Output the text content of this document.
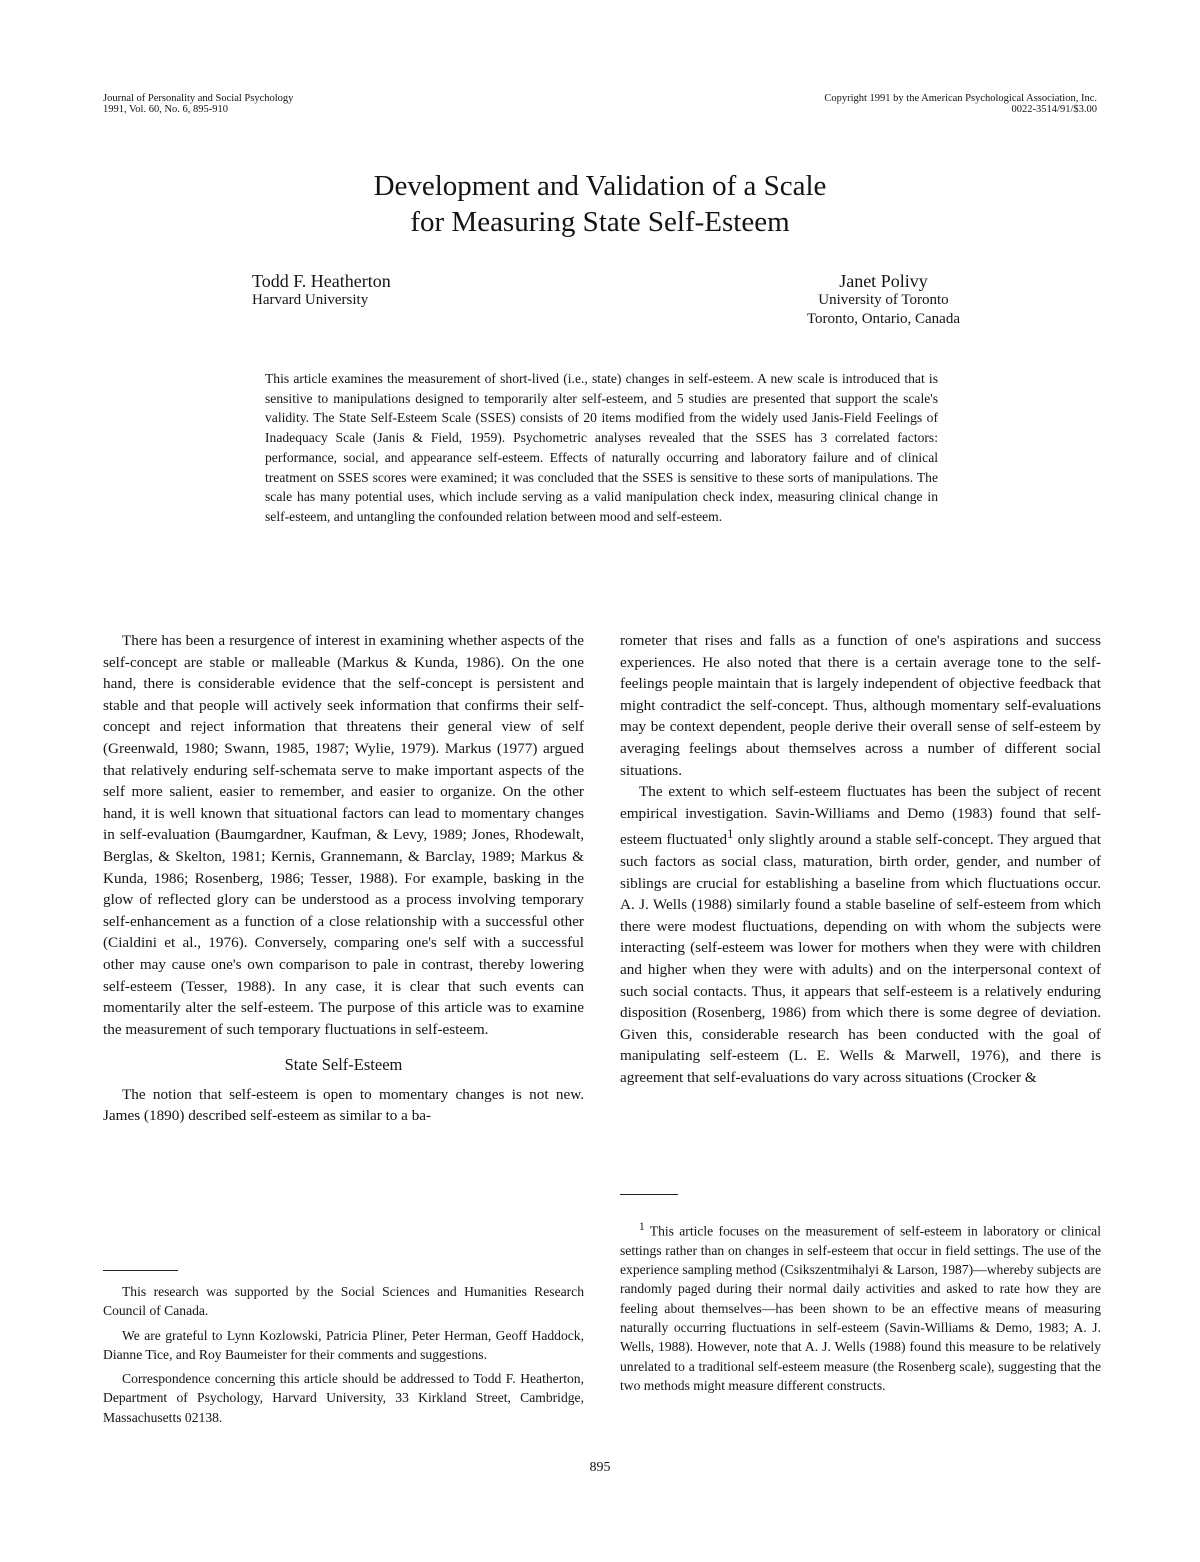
Journal of Personality and Social Psychology
1991, Vol. 60, No. 6, 895-910
Copyright 1991 by the American Psychological Association, Inc.
0022-3514/91/$3.00
Development and Validation of a Scale
for Measuring State Self-Esteem
Todd F. Heatherton
Harvard University
Janet Polivy
University of Toronto
Toronto, Ontario, Canada
This article examines the measurement of short-lived (i.e., state) changes in self-esteem. A new scale is introduced that is sensitive to manipulations designed to temporarily alter self-esteem, and 5 studies are presented that support the scale's validity. The State Self-Esteem Scale (SSES) consists of 20 items modified from the widely used Janis-Field Feelings of Inadequacy Scale (Janis & Field, 1959). Psychometric analyses revealed that the SSES has 3 correlated factors: performance, social, and appearance self-esteem. Effects of naturally occurring and laboratory failure and of clinical treatment on SSES scores were examined; it was concluded that the SSES is sensitive to these sorts of manipulations. The scale has many potential uses, which include serving as a valid manipulation check index, measuring clinical change in self-esteem, and untangling the confounded relation between mood and self-esteem.

There has been a resurgence of interest in examining whether aspects of the self-concept are stable or malleable (Markus & Kunda, 1986). On the one hand, there is considerable evidence that the self-concept is persistent and stable and that people will actively seek information that confirms their self-concept and reject information that threatens their general view of self (Greenwald, 1980; Swann, 1985, 1987; Wylie, 1979). Markus (1977) argued that relatively enduring self-schemata serve to make important aspects of the self more salient, easier to remember, and easier to organize. On the other hand, it is well known that situational factors can lead to momentary changes in self-evaluation (Baumgardner, Kaufman, & Levy, 1989; Jones, Rhodewalt, Berglas, & Skelton, 1981; Kernis, Grannemann, & Barclay, 1989; Markus & Kunda, 1986; Rosenberg, 1986; Tesser, 1988). For example, basking in the glow of reflected glory can be understood as a process involving temporary self-enhancement as a function of a close relationship with a successful other (Cialdini et al., 1976). Conversely, comparing one's self with a successful other may cause one's own comparison to pale in contrast, thereby lowering self-esteem (Tesser, 1988). In any case, it is clear that such events can momentarily alter the self-esteem. The purpose of this article was to examine the measurement of such temporary fluctuations in self-esteem.

State Self-Esteem

The notion that self-esteem is open to momentary changes is not new. James (1890) described self-esteem as similar to a ba-

rometer that rises and falls as a function of one's aspirations and success experiences. He also noted that there is a certain average tone to the self-feelings people maintain that is largely independent of objective feedback that might contradict the self-concept. Thus, although momentary self-evaluations may be context dependent, people derive their overall sense of self-esteem by averaging feelings about themselves across a number of different social situations.

The extent to which self-esteem fluctuates has been the subject of recent empirical investigation. Savin-Williams and Demo (1983) found that self-esteem fluctuated$^1$ only slightly around a stable self-concept. They argued that such factors as social class, maturation, birth order, gender, and number of siblings are crucial for establishing a baseline from which fluctuations occur. A. J. Wells (1988) similarly found a stable baseline of self-esteem from which there were modest fluctuations, depending on with whom the subjects were interacting (self-esteem was lower for mothers when they were with children and higher when they were with adults) and on the interpersonal context of such social contacts. Thus, it appears that self-esteem is a relatively enduring disposition (Rosenberg, 1986) from which there is some degree of deviation. Given this, considerable research has been conducted with the goal of manipulating self-esteem (L. E. Wells & Marwell, 1976), and there is agreement that self-evaluations do vary across situations (Crocker &

This research was supported by the Social Sciences and Humanities Research Council of Canada.

We are grateful to Lynn Kozlowski, Patricia Pliner, Peter Herman, Geoff Haddock, Dianne Tice, and Roy Baumeister for their comments and suggestions.

Correspondence concerning this article should be addressed to Todd F. Heatherton, Department of Psychology, Harvard University, 33 Kirkland Street, Cambridge, Massachusetts 02138.

$^1$ This article focuses on the measurement of self-esteem in laboratory or clinical settings rather than on changes in self-esteem that occur in field settings. The use of the experience sampling method (Csikszentmihalyi & Larson, 1987)—whereby subjects are randomly paged during their normal daily activities and asked to rate how they are feeling about themselves—has been shown to be an effective means of measuring naturally occurring fluctuations in self-esteem (Savin-Williams & Demo, 1983; A. J. Wells, 1988). However, note that A. J. Wells (1988) found this measure to be relatively unrelated to a traditional self-esteem measure (the Rosenberg scale), suggesting that the two methods might measure different constructs.

895
